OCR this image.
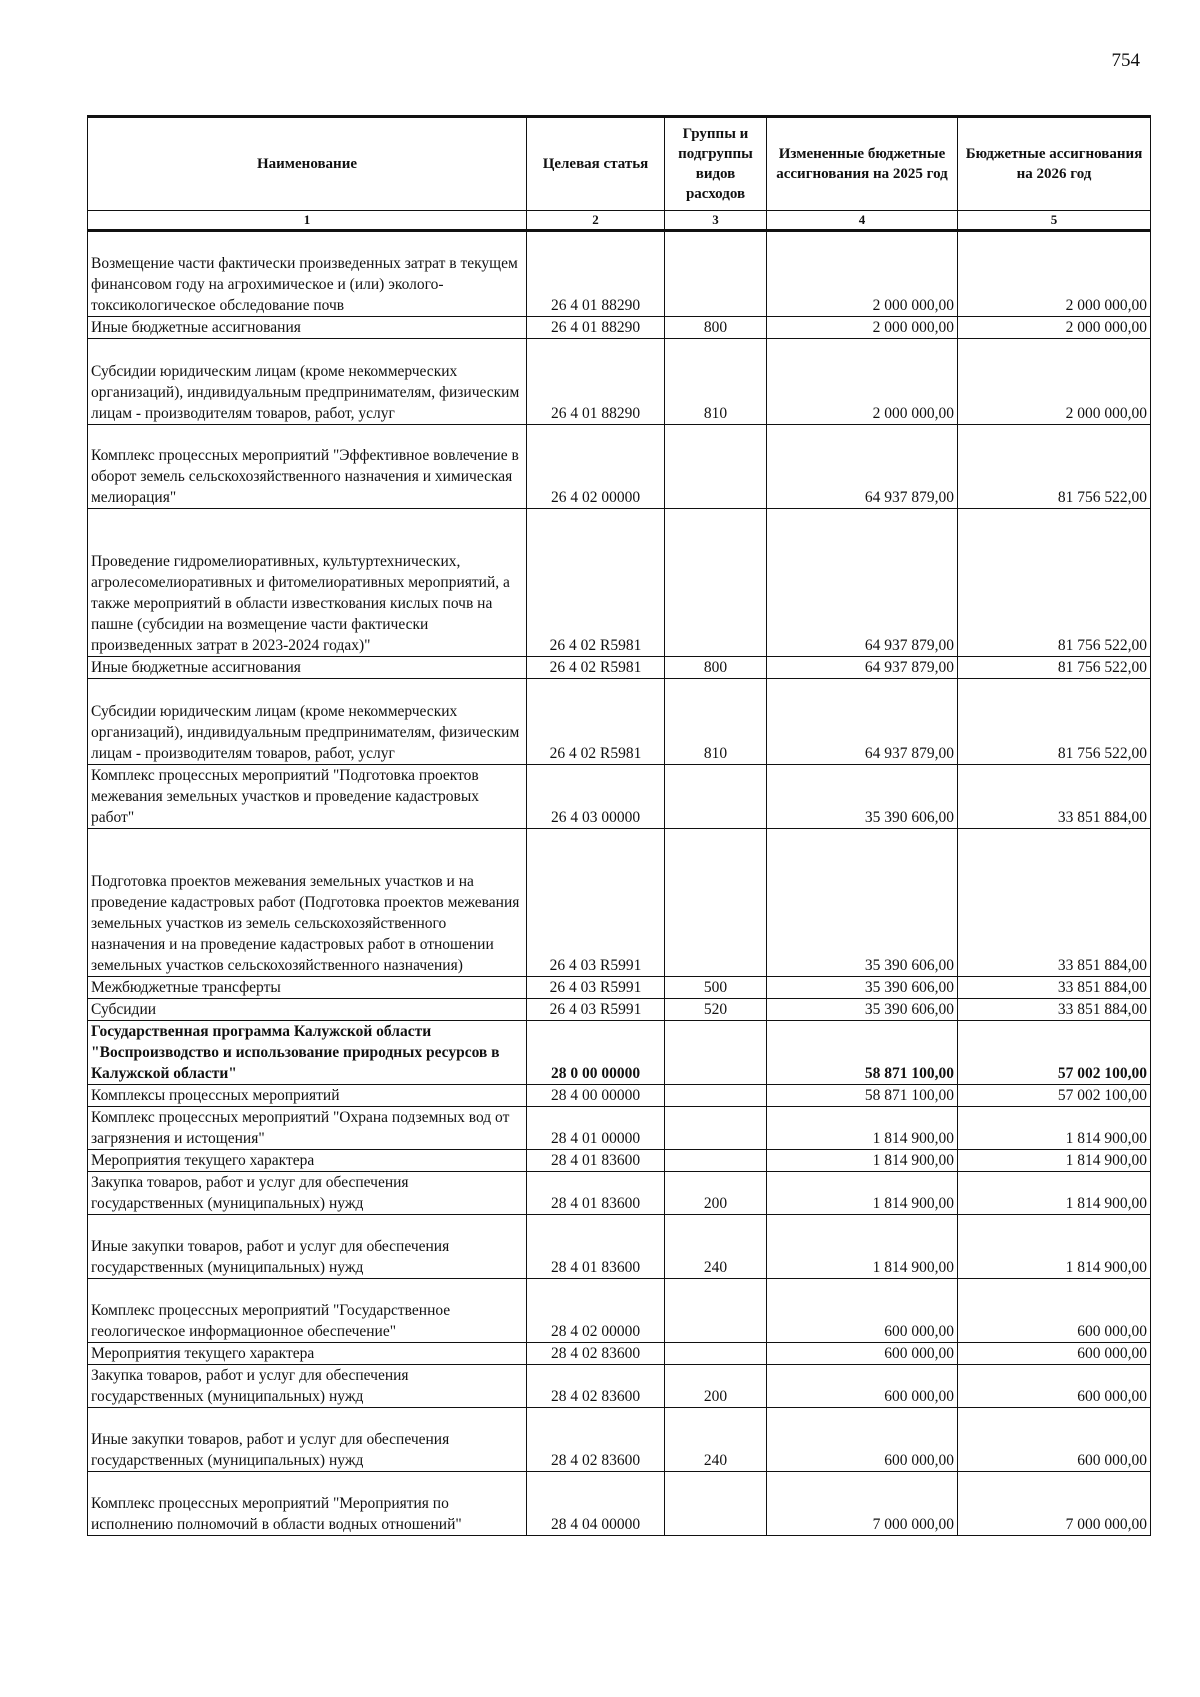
754
Наименование	Целевая статья	Группы и подгруппы видов расходов	Измененные бюджетные ассигнования на 2025 год	Бюджетные ассигнования на 2026 год
1	2	3	4	5
Возмещение части фактически произведенных затрат в текущем финансовом году на агрохимическое и (или) эколого-токсикологическое обследование почв	26 4 01 88290		2 000 000,00	2 000 000,00
Иные бюджетные ассигнования	26 4 01 88290	800	2 000 000,00	2 000 000,00
Субсидии юридическим лицам (кроме некоммерческих организаций), индивидуальным предпринимателям, физическим лицам - производителям товаров, работ, услуг	26 4 01 88290	810	2 000 000,00	2 000 000,00
Комплекс процессных мероприятий "Эффективное вовлечение в оборот земель сельскохозяйственного назначения и химическая мелиорация"	26 4 02 00000		64 937 879,00	81 756 522,00
Проведение гидромелиоративных, культуртехнических, агролесомелиоративных и фитомелиоративных мероприятий, а также мероприятий в области известкования кислых почв на пашне (субсидии на возмещение части фактически произведенных затрат в 2023-2024 годах)"	26 4 02 R5981		64 937 879,00	81 756 522,00
Иные бюджетные ассигнования	26 4 02 R5981	800	64 937 879,00	81 756 522,00
Субсидии юридическим лицам (кроме некоммерческих организаций), индивидуальным предпринимателям, физическим лицам - производителям товаров, работ, услуг	26 4 02 R5981	810	64 937 879,00	81 756 522,00
Комплекс процессных мероприятий "Подготовка проектов межевания земельных участков и проведение кадастровых работ"	26 4 03 00000		35 390 606,00	33 851 884,00
Подготовка проектов межевания земельных участков и на проведение кадастровых работ (Подготовка проектов межевания земельных участков из земель сельскохозяйственного назначения и на проведение кадастровых работ в отношении земельных участков сельскохозяйственного назначения)	26 4 03 R5991		35 390 606,00	33 851 884,00
Межбюджетные трансферты	26 4 03 R5991	500	35 390 606,00	33 851 884,00
Субсидии	26 4 03 R5991	520	35 390 606,00	33 851 884,00
Государственная программа Калужской области "Воспроизводство и использование природных ресурсов в Калужской области"	28 0 00 00000		58 871 100,00	57 002 100,00
Комплексы процессных мероприятий	28 4 00 00000		58 871 100,00	57 002 100,00
Комплекс процессных мероприятий "Охрана подземных вод от загрязнения и истощения"	28 4 01 00000		1 814 900,00	1 814 900,00
Мероприятия текущего характера	28 4 01 83600		1 814 900,00	1 814 900,00
Закупка товаров, работ и услуг для обеспечения государственных (муниципальных) нужд	28 4 01 83600	200	1 814 900,00	1 814 900,00
Иные закупки товаров, работ и услуг для обеспечения государственных (муниципальных) нужд	28 4 01 83600	240	1 814 900,00	1 814 900,00
Комплекс процессных мероприятий "Государственное геологическое информационное обеспечение"	28 4 02 00000		600 000,00	600 000,00
Мероприятия текущего характера	28 4 02 83600		600 000,00	600 000,00
Закупка товаров, работ и услуг для обеспечения государственных (муниципальных) нужд	28 4 02 83600	200	600 000,00	600 000,00
Иные закупки товаров, работ и услуг для обеспечения государственных (муниципальных) нужд	28 4 02 83600	240	600 000,00	600 000,00
Комплекс процессных мероприятий "Мероприятия по исполнению полномочий в области водных отношений"	28 4 04 00000		7 000 000,00	7 000 000,00
